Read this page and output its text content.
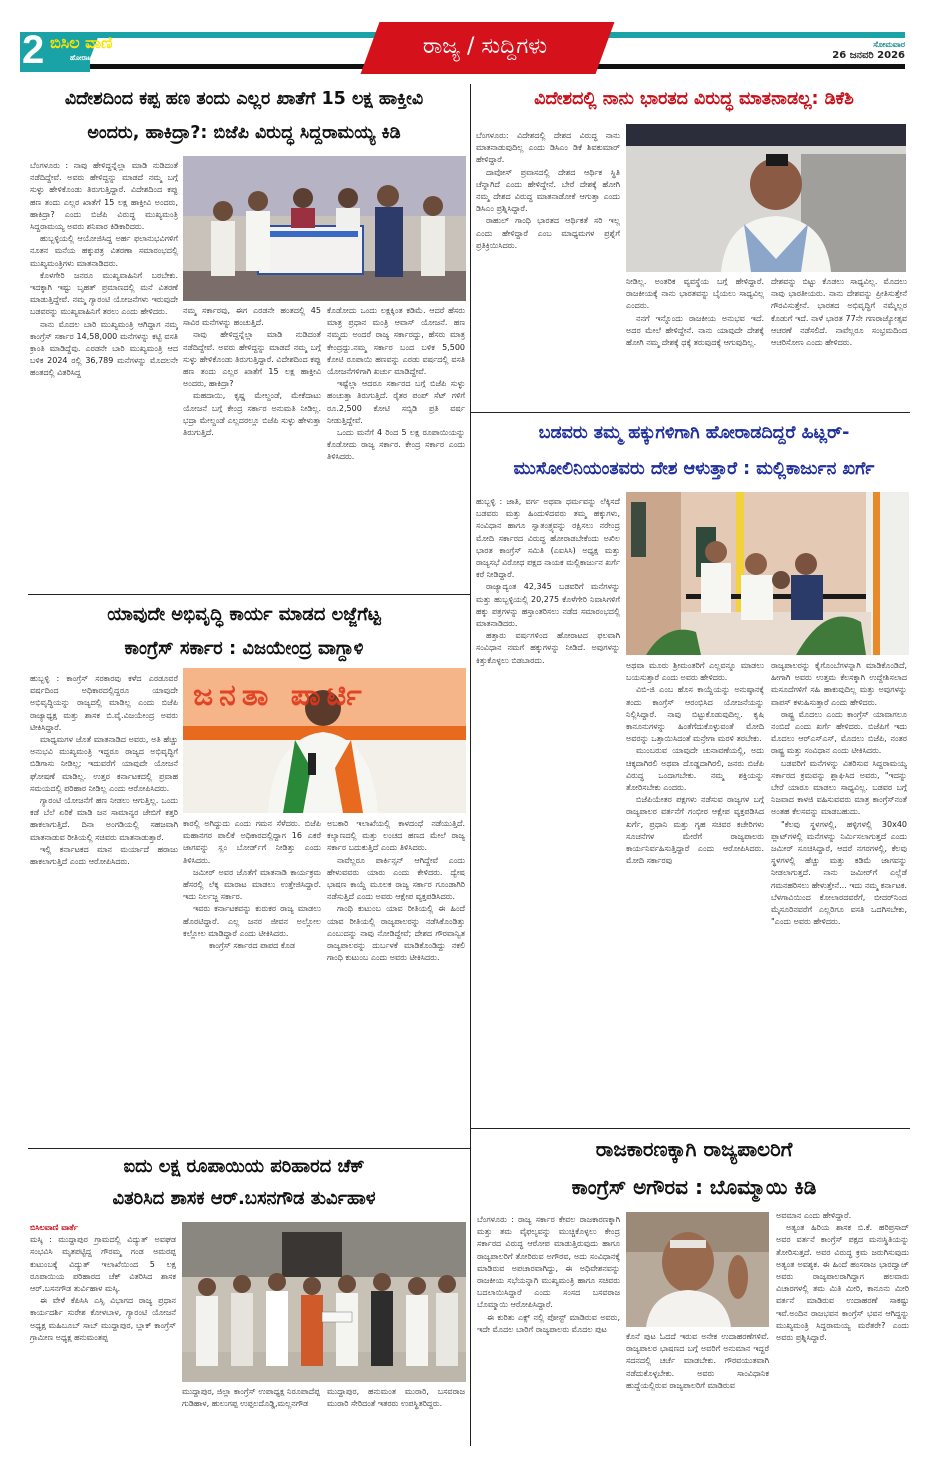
2 ಬಿಸಿಲ ವಾಣಿ
ಹೋರಾಟದ ಧ್ವನಿ	ರಾಜ್ಯ / ಸುದ್ದಿಗಳು	ಸೋಮವಾರ
26 ಜನವರಿ 2026
ವಿದೇಶದಿಂದ ಕಪ್ಪ ಹಣ ತಂದು ಎಲ್ಲರ ಖಾತೆಗೆ 15 ಲಕ್ಷ ಹಾಕ್ತೀವಿ
ಅಂದರು, ಹಾಕಿದ್ರಾ?: ಬಿಜೆಪಿ ವಿರುದ್ಧ ಸಿದ್ದರಾಮಯ್ಯ ಕಿಡಿ

ಬೆಂಗಳೂರು : ನಾವು ಹೇಳಿದ್ದನ್ನೆಲ್ಲಾ ಮಾಡಿ ನುಡಿದಂತೆ ನಡೆದಿದ್ದೇವೆ. ಅವರು ಹೇಳಿದ್ದನ್ನು ಮಾಡದೆ ನಮ್ಮ ಬಗ್ಗೆ ಸುಳ್ಳು ಹೇಳಿಕೊಂಡು ತಿರುಗುತ್ತಿದ್ದಾರೆ. ವಿದೇಶದಿಂದ ಕಪ್ಪು ಹಣ ತಂದು ಎಲ್ಲರ ಖಾತೆಗೆ 15 ಲಕ್ಷ ಹಾಕ್ತೀವಿ ಅಂದರು, ಹಾಕಿದ್ರಾ? ಎಂದು ಬಿಜೆಪಿ ವಿರುದ್ಧ ಮುಖ್ಯಮಂತ್ರಿ ಸಿದ್ದರಾಮಯ್ಯ ಅವರು ಶನಿವಾರ ಕಿಡಿಕಾರಿದರು.

ಹುಬ್ಬಳ್ಳಿಯಲ್ಲಿ ಆಯೋಜಿಸಿದ್ದ ಅರ್ಹ ಫಲಾನುಭವಿಗಳಿಗೆ ನೂತನ ಮನೆಯ ಹಕ್ಕುಪತ್ರ ವಿತರಣಾ ಸಮಾರಂಭದಲ್ಲಿ ಮುಖ್ಯಮಂತ್ರಿಗಳು ಮಾತನಾಡಿದರು.

ಕೊಳಗೇರಿ ಜನರೂ ಮುಖ್ಯವಾಹಿನಿಗೆ ಬರಬೇಕು. ಇದಕ್ಕಾಗಿ ಇಷ್ಟು ಬೃಹತ್ ಪ್ರಮಾಣದಲ್ಲಿ ಮನೆ ವಿತರಣೆ ಮಾಡುತ್ತಿದ್ದೇವೆ. ನಮ್ಮ ಗ್ಯಾರಂಟಿ ಯೋಜನೆಗಳು ಇರುವುದೇ ಬಡವರನ್ನು ಮುಖ್ಯವಾಹಿನಿಗೆ ತರಲು ಎಂದು ಹೇಳಿದರು.

ನಾನು ಮೊದಲ ಬಾರಿ ಮುಖ್ಯಮಂತ್ರಿ ಆಗಿದ್ದಾಗ ನಮ್ಮ ಕಾಂಗ್ರೆಸ್ ಸರ್ಕಾರ 14,58,000 ಮನೆಗಳನ್ನು ಕಟ್ಟಿ ವಸತಿ ಕ್ರಾಂತಿ ಮಾಡಿದ್ದೆವು. ಎರಡನೇ ಬಾರಿ ಮುಖ್ಯಮಂತ್ರಿ ಆದ ಬಳಿಕ 2024 ರಲ್ಲಿ 36,789 ಮನೆಗಳನ್ನು ಮೊದಲನೇ ಹಂತದಲ್ಲಿ ವಿತರಿಸಿದ್ದ

ನಮ್ಮ ಸರ್ಕಾರವು, ಈಗ ಎರಡನೇ ಹಂತದಲ್ಲಿ 45 ಸಾವಿರ ಮನೆಗಳನ್ನು ಹಂಚುತ್ತಿದೆ.

ನಾವು ಹೇಳಿದ್ದನ್ನೆಲ್ಲಾ ಮಾಡಿ ನುಡಿದಂತೆ ನಡೆದಿದ್ದೇವೆ. ಅವರು ಹೇಳಿದ್ದನ್ನು ಮಾಡದೆ ನಮ್ಮ ಬಗ್ಗೆ ಸುಳ್ಳು ಹೇಳಿಕೊಂಡು ತಿರುಗುತ್ತಿದ್ದಾರೆ. ವಿದೇಶದಿಂದ ಕಪ್ಪು ಹಣ ತಂದು ಎಲ್ಲರ ಖಾತೆಗೆ 15 ಲಕ್ಷ ಹಾಕ್ತೀವಿ ಅಂದರು, ಹಾಕಿದ್ರಾ?

ಮಹದಾಯಿ, ಕೃಷ್ಣ ಮೇಲ್ದಂಡೆ, ಮೇಕೆದಾಟು ಯೋಜನೆ ಬಗ್ಗೆ ಕೇಂದ್ರ ಸರ್ಕಾರ ಅನುಮತಿ ನೀಡಿಲ್ಲ. ಭದ್ರಾ ಮೇಲ್ದಂಡೆ ಎಲ್ಲದರಲ್ಲೂ ಬಿಜೆಪಿ ಸುಳ್ಳು ಹೇಳುತ್ತಾ ತಿರುಗುತ್ತಿದೆ.

ಕೊಡೋದು ಒಂದು ಲಕ್ಷಕ್ಕಿಂತ ಕಡಿಮೆ. ಆದರೆ ಹೆಸರು ಮಾತ್ರ ಪ್ರಧಾನ ಮಂತ್ರಿ ಆವಾಸ್ ಯೋಜನೆ. ಹಣ ನಮ್ಮದು ಅಂದರೆ ರಾಜ್ಯ ಸರ್ಕಾರದ್ದು, ಹೆಸರು ಮಾತ್ರ ಕೇಂದ್ರದ್ದು.ನಮ್ಮ ಸರ್ಕಾರ ಬಂದ ಬಳಿಕ 5,500 ಕೋಟಿ ರೂಪಾಯಿ ಹಣವನ್ನು ಎರಡು ವರ್ಷದಲ್ಲಿ ವಸತಿ ಯೋಜನೆಗಳಿಗಾಗಿ ಖರ್ಚು ಮಾಡಿದ್ದೇವೆ.

ಇಷ್ಟೆಲ್ಲಾ ಆದರೂ ಸರ್ಕಾರದ ಬಗ್ಗೆ ಬಿಜೆಪಿ ಸುಳ್ಳು ಹಂಚುತ್ತಾ ತಿರುಗುತ್ತಿದೆ. ರೈತರ ಪಂಪ್ ಸೆಟ್ ಗಳಿಗೆ ರೂ.2,500 ಕೋಟಿ ಸಬ್ಸಿಡಿ ಪ್ರತಿ ವರ್ಷ ನೀಡುತ್ತಿದ್ದೇವೆ.

ಒಂದು ಮನೆಗೆ 4 ರಿಂದ 5 ಲಕ್ಷ ರೂಪಾಯಿಯನ್ನು ಕೊಡೋದು ರಾಜ್ಯ ಸರ್ಕಾರ. ಕೇಂದ್ರ ಸರ್ಕಾರ ಎಂದು ತಿಳಿಸಿದರು.

ವಿದೇಶದಲ್ಲಿ ನಾನು ಭಾರತದ ವಿರುದ್ಧ ಮಾತನಾಡಲ್ಲ: ಡಿಕೆಶಿ

ಬೆಂಗಳೂರು: ವಿದೇಶದಲ್ಲಿ ದೇಶದ ವಿರುದ್ಧ ನಾನು ಮಾತನಾಡುವುದಿಲ್ಲ ಎಂದು ಡಿಸಿಎಂ ಡಿಕೆ ಶಿವಕುಮಾರ್ ಹೇಳಿದ್ದಾರೆ.

ದಾವೋಸ್ ಪ್ರವಾಸದಲ್ಲಿ ದೇಶದ ಆರ್ಥಿಕ ಸ್ಥಿತಿ ಚೆನ್ನಾಗಿದೆ ಎಂದು ಹೇಳಿದ್ದೇನೆ. ಬೇರೆ ದೇಶಕ್ಕೆ ಹೋಗಿ ನಮ್ಮ ದೇಶದ ವಿರುದ್ಧ ಮಾತನಾಡೋಕೆ ಆಗುತ್ತಾ ಎಂದು ಡಿಸಿಎಂ ಪ್ರಶ್ನಿಸಿದ್ದಾರೆ.

ರಾಹುಲ್ ಗಾಂಧಿ ಭಾರತದ ಆರ್ಥಿಕತೆ ಸರಿ ಇಲ್ಲ ಎಂದು ಹೇಳಿದ್ದಾರೆ ಎಂಬ ಮಾಧ್ಯಮಗಳ ಪ್ರಶ್ನೆಗೆ ಪ್ರತಿಕ್ರಿಯಿಸಿದರು.

ನೀಡಿಲ್ಲ. ಅಂತರಿಕ ವ್ಯವಸ್ಥೆಯ ಬಗ್ಗೆ ಹೇಳಿದ್ದಾರೆ. ರಾಜಕೀಯಕ್ಕೆ ನಾನು ಭಾರತವನ್ನು ಬೈಯಲು ಸಾಧ್ಯವಿಲ್ಲ ಎಂದರು.

ನನಗೆ ಇನ್ನೊಂದು ರಾಜಕೀಯ ಅನುಭವ ಇದೆ. ಅದರ ಮೇಲೆ ಹೇಳಿದ್ದೇನೆ. ನಾನು ಯಾವುದೇ ದೇಶಕ್ಕೆ ಹೋಗಿ ನಮ್ಮ ದೇಶಕ್ಕೆ ಧಕ್ಕೆ ತರುವುದಕ್ಕೆ ಆಗುವುದಿಲ್ಲ.

ದೇಶವನ್ನು ಬಿಟ್ಟು ಕೊಡಲು ಸಾಧ್ಯವಿಲ್ಲ. ಮೊದಲು ನಾವು ಭಾರತೀಯರು. ನಾನು ದೇಶವನ್ನು ಪ್ರೀತಿಸುತ್ತೇನೆ ಗೌರವಿಸುತ್ತೇನೆ. ಭಾರತದ ಅಭಿವೃದ್ಧಿಗೆ ನಮ್ಮೆಲ್ಲರ ಕೊಡುಗೆ ಇದೆ. ನಾಳೆ ಭಾರತ 77ನೇ ಗಣರಾಜ್ಯೋತ್ಸವ ಆಚರಣೆ ನಡೆಸಲಿದೆ. ನಾವೆಲ್ಲರೂ ಸಂಭ್ರಮದಿಂದ ಆಚರಿಸೋಣ ಎಂದು ಹೇಳಿದರು.

ಬಡವರು ತಮ್ಮ ಹಕ್ಕುಗಳಿಗಾಗಿ ಹೋರಾಡದಿದ್ದರೆ ಹಿಟ್ಲರ್-
ಮುಸೋಲಿನಿಯಂತವರು ದೇಶ ಆಳುತ್ತಾರೆ : ಮಲ್ಲಿಕಾರ್ಜುನ ಖರ್ಗೆ

ಹುಬ್ಬಳ್ಳಿ : ಜಾತಿ, ವರ್ಗ ಅಥವಾ ಧರ್ಮವನ್ನು ಲೆಕ್ಕಿಸದೆ ಬಡವರು ಮತ್ತು ಹಿಂದುಳಿದವರು ತಮ್ಮ ಹಕ್ಕುಗಳು, ಸಂವಿಧಾನ ಹಾಗೂ ಸ್ವಾತಂತ್ರ್ಯವನ್ನು ರಕ್ಷಿಸಲು ನರೇಂದ್ರ ಮೋದಿ ಸರ್ಕಾರದ ವಿರುದ್ಧ ಹೋರಾಡಬೇಕೆಂದು ಅಖಿಲ ಭಾರತ ಕಾಂಗ್ರೆಸ್ ಸಮಿತಿ (ಎಐಸಿಸಿ) ಅಧ್ಯಕ್ಷ ಮತ್ತು ರಾಜ್ಯಸಭೆ ವಿರೋಧ ಪಕ್ಷದ ನಾಯಕ ಮಲ್ಲಿಕಾರ್ಜುನ ಖರ್ಗೆ ಕರೆ ನೀಡಿದ್ದಾರೆ.

ರಾಜ್ಯಾದ್ಯಂತ 42,345 ಬಡವರಿಗೆ ಮನೆಗಳನ್ನು ಮತ್ತು ಹುಬ್ಬಳ್ಳಿಯಲ್ಲಿ 20,275 ಕೊಳೆಗೇರಿ ನಿವಾಸಿಗಳಿಗೆ ಹಕ್ಕು ಪತ್ರಗಳನ್ನು ಹಸ್ತಾಂತರಿಸಲು ನಡೆದ ಸಮಾರಂಭದಲ್ಲಿ ಮಾತನಾಡಿದರು.

ಹತ್ತಾರು ವರ್ಷಗಳಿಂದ ಹೋರಾಟದ ಫಲವಾಗಿ ಸಂವಿಧಾನ ನಮಗೆ ಹಕ್ಕುಗಳನ್ನು ನೀಡಿದೆ. ಅವುಗಳನ್ನು ಕಿತ್ತುಕೊಳ್ಳಲು ಬಿಡಬಾರದು.

ಅಥವಾ ಮೂರು ಶ್ರೀಮಂತರಿಗೆ ಎಲ್ಲವನ್ನೂ ಮಾಡಲು ಬಯಸುತ್ತಾರೆ ಎಂದು ಅವರು ಹೇಳಿದರು.

ವಿಬಿ-ಜಿ ಎಂಬ ಹೊಸ ಕಾಯ್ದೆಯನ್ನು ಅನುಷ್ಠಾನಕ್ಕೆ ತಂದು ಕಾಂಗ್ರೆಸ್ ಆರಂಭಿಸಿದ ಯೋಜನೆಯನ್ನು ನಿಲ್ಲಿಸಿದ್ದಾರೆ. ನಾವು ಬಿಟ್ಟುಕೊಡುವುದಿಲ್ಲ. ಕೃಷಿ ಕಾನೂನುಗಳನ್ನು ಹಿಂತೆಗೆದುಕೊಳ್ಳುವಂತೆ ಮೋದಿ ಅವರನ್ನು ಒತ್ತಾಯಿಸಿದಂತೆ ಮನ್ರೇಗಾ ಮರಳಿ ತರಬೇಕು.

ಮುಂಬರುವ ಯಾವುದೇ ಚುನಾವಣೆಯಲ್ಲಿ, ಅದು ಚಿಕ್ಕದಾಗಿರಲಿ ಅಥವಾ ದೊಡ್ಡದಾಗಿರಲಿ, ಜನರು ಬಿಜೆಪಿ ವಿರುದ್ಧ ಒಂದಾಗಬೇಕು. ನಮ್ಮ ಶಕ್ತಿಯನ್ನು ತೋರಿಸಬೇಕು ಎಂದರು.

ಬಿಜೆಪಿಯೇತರ ಪಕ್ಷಗಳು ನಡೆಸುವ ರಾಜ್ಯಗಳ ಬಗ್ಗೆ ರಾಜ್ಯಪಾಲರ ವರ್ತನೆಗೆ ಗಂಭೀರ ಆಕ್ಷೇಪ ವ್ಯಕ್ತಪಡಿಸಿದ ಖರ್ಗೆ, ಪ್ರಧಾನಿ ಮತ್ತು ಗೃಹ ಸಚಿವರ ಕಚೇರಿಗಳು ಸೂಚನೆಗಳ ಮೇರೆಗೆ ರಾಜ್ಯಪಾಲರು ಕಾರ್ಯನಿರ್ವಹಿಸುತ್ತಿದ್ದಾರೆ ಎಂದು ಆರೋಪಿಸಿದರು. ಮೋದಿ ಸರ್ಕಾರವು

ರಾಜ್ಯಪಾಲರನ್ನು ಕೈಗೊಂಬೆಗಳನ್ನಾಗಿ ಮಾಡಿಕೊಂಡಿದೆ, ಹೀಗಾಗಿ ಅವರು ಉತ್ತಮ ಕೆಲಸಕ್ಕಾಗಿ ಉದ್ದೇಶಿಸಲಾದ ಮಸೂದೆಗಳಿಗೆ ಸಹಿ ಹಾಕುವುದಿಲ್ಲ ಮತ್ತು ಅವುಗಳನ್ನು ವಾಪಸ್ ಕಳುಹಿಸುತ್ತಾರೆ ಎಂದು ಹೇಳಿದರು.

ರಾಷ್ಟ್ರ ಮೊದಲು ಎಂದು ಕಾಂಗ್ರೆಸ್ ಯಾವಾಗಲೂ ನಂಬಿದೆ ಎಂದು ಖರ್ಗೆ ಹೇಳಿದರು. ಬಿಜೆಪಿಗೆ ಇದು ಮೊದಲು ಆರ್‌ಎಸ್‌ಎಸ್, ಮೊದಲು ಬಿಜೆಪಿ, ನಂತರ ರಾಷ್ಟ್ರ ಮತ್ತು ಸಂವಿಧಾನ ಎಂದು ಟೀಕಿಸಿದರು.

ಬಡವರಿಗೆ ಮನೆಗಳನ್ನು ವಿತರಿಸುವ ಸಿದ್ದರಾಮಯ್ಯ ಸರ್ಕಾರದ ಕ್ರಮವನ್ನು ಶ್ಲಾಘಿಸಿದ ಅವರು, "ಇದನ್ನು ಬೇರೆ ಯಾರೂ ಮಾಡಲು ಸಾಧ್ಯವಿಲ್ಲ. ಬಡವರ ಬಗ್ಗೆ ನಿಜವಾದ ಕಾಳಜಿ ವಹಿಸುವವರು ಮಾತ್ರ ಕಾಂಗ್ರೆಸ್‌ನಂತೆ ಅಂತಹ ಕೆಲಸವನ್ನು ಮಾಡಬಹುದು.

"ಕೆಲವು ಸ್ಥಳಗಳಲ್ಲಿ, ಹಳ್ಳಿಗಳಲ್ಲಿ 30x40 ಪ್ಲಾಟ್‌ಗಳಲ್ಲಿ ಮನೆಗಳನ್ನು ನಿರ್ಮಿಸಲಾಗುತ್ತದೆ ಎಂದು ಜಮೀರ್ ಸೂಚಿಸಿದ್ದಾರೆ, ಆದರೆ ನಗರಗಳಲ್ಲಿ, ಕೆಲವು ಸ್ಥಳಗಳಲ್ಲಿ ಹೆಚ್ಚು ಮತ್ತು ಕಡಿಮೆ ಜಾಗವನ್ನು ನೀಡಲಾಗುತ್ತದೆ. ನಾನು ಜಮೀರ್‌ಗೆ ಎಲ್ಲೆಡೆ ಗಮನಹರಿಸಲು ಹೇಳುತ್ತೇನೆ... ಇದು ನಮ್ಮ ಕರ್ನಾಟಕ. ಬೆಳಗಾವಿಯಿಂದ ಕೋಲಾರದವರೆಗೆ, ಬೀದರ್‌ನಿಂದ ಮೈಸೂರಿನವರೆಗೆ ಎಲ್ಲರಿಗೂ ವಸತಿ ಒದಗಿಸಬೇಕು, "ಎಂದು ಅವರು ಹೇಳಿದರು.

ಯಾವುದೇ ಅಭಿವೃದ್ಧಿ ಕಾರ್ಯ ಮಾಡದ ಲಜ್ಜೆಗೆಟ್ಟ
ಕಾಂಗ್ರೆಸ್ ಸರ್ಕಾರ : ವಿಜಯೇಂದ್ರ ವಾಗ್ದಾಳಿ

ಹುಬ್ಬಳ್ಳಿ : ಕಾಂಗ್ರೆಸ್ ಸರಕಾರವು ಕಳೆದ ಎರಡೂವರೆ ವರ್ಷದಿಂದ ಅಧಿಕಾರದಲ್ಲಿದ್ದರೂ ಯಾವುದೇ ಅಭಿವೃದ್ಧಿಯನ್ನು ರಾಜ್ಯದಲ್ಲಿ ಮಾಡಿಲ್ಲ ಎಂದು ಬಿಜೆಪಿ ರಾಜ್ಯಾಧ್ಯಕ್ಷ ಮತ್ತು ಶಾಸಕ ಬಿ.ವೈ.ವಿಜಯೇಂದ್ರ ಅವರು ಟೀಕಿಸಿದ್ದಾರೆ.

ಮಾಧ್ಯಮಗಳ ಜೊತೆ ಮಾತನಾಡಿದ ಅವರು, ಅತಿ ಹೆಚ್ಚು ಅನುಭವಿ ಮುಖ್ಯಮಂತ್ರಿ ಇದ್ದರೂ ರಾಜ್ಯದ ಅಭಿವೃದ್ಧಿಗೆ ಬಿಡಿಗಾಸು ನೀಡಿಲ್ಲ; ಇದುವರೆಗೆ ಯಾವುದೇ ಯೋಜನೆ ಘೋಷಣೆ ಮಾಡಿಲ್ಲ. ಉತ್ತರ ಕರ್ನಾಟಕದಲ್ಲಿ ಪ್ರವಾಹ ಸಮಯದಲ್ಲಿ ಪರಿಹಾರ ನೀಡಿಲ್ಲ ಎಂದು ಆರೋಪಿಸಿದರು.

ಗ್ಯಾರಂಟಿ ಯೋಜನೆಗೆ ಹಣ ನೀಡಲು ಆಗುತ್ತಿಲ್ಲ. ಒಂದು ಕಡೆ ಬೆಲೆ ಏರಿಕೆ ಮಾಡಿ ಜನ ಸಾಮಾನ್ಯರ ಜೇಬಿಗೆ ಕತ್ತರಿ ಹಾಕಲಾಗುತ್ತಿದೆ. ದಿನಾ ಅಂಗಡಿಯಲ್ಲಿ ಸಹಜವಾಗಿ ಮಾತನಾಡುವ ರೀತಿಯಲ್ಲಿ ಸಚಿವರು ಮಾತನಾಡುತ್ತಾರೆ.

ಇಲ್ಲಿ ಕರ್ನಾಟಕದ ಮಾನ ಮರ್ಯಾದೆ ಹರಾಜು ಹಾಕಲಾಗುತ್ತಿದೆ ಎಂದು ಆರೋಪಿಸಿದರು.

ಜನತಾ ಪಾರ್ಟಿ

ಕಾರಲ್ಲಿ ಅಗಿದ್ದುದು ಎಂದು ಗಮನ ಸೆಳೆದರು. ಬಿಜೆಪಿ ಮಹಾನಗರ ಪಾಲಿಕೆ ಅಧಿಕಾರದಲ್ಲಿದ್ದಾಗ 16 ಎಕರೆ ಜಾಗವನ್ನು ಸ್ಲಂ ಬೋರ್ಡ್‌ಗೆ ನೀಡಿತ್ತು ಎಂದು ತಿಳಿಸಿದರು.

ಜಮೀರ್ ಅವರ ಜೊತೆಗೆ ಮಾತನಾಡಿ ಕಾರ್ಯಕ್ರಮ ಹೆಸರಲ್ಲಿ ಲೆಕ್ಕ ಮಾರಾಟ ಮಾಡಲು ಉತ್ತೇಜಿಸಿದ್ದಾರೆ. ಇದು ನಿರ್ಲಜ್ಜ ಸರ್ಕಾರ.

ಇವರು ಕರ್ನಾಟಕವನ್ನು ಕುರುಕರ ರಾಜ್ಯ ಮಾಡಲು ಹೊರಟಿದ್ದಾರೆ. ಎಲ್ಲ ಜನರ ಜೀವನ ಅಲ್ಲೋಲ ಕಲ್ಲೋಲ ಮಾಡಿದ್ದಾರೆ ಎಂದು ಟೀಕಿಸಿದರು.

ಕಾಂಗ್ರೆಸ್ ಸರ್ಕಾರದ ಪಾಪದ ಕೊಡ

ಅಬಕಾರಿ ಇಲಾಖೆಯಲ್ಲಿ ಕಾಳದಂಧೆ ನಡೆಯುತ್ತಿದೆ. ಕಲ್ಯಾಣದಲ್ಲಿ ಮತ್ತು ಲಂಚದ ಹಣದ ಮೇಲೆ ರಾಜ್ಯ ಸರ್ಕಾರ ಬದುಕುತ್ತಿದೆ ಎಂದು ತಿಳಿಸಿದರು.

ನಾವೆಲ್ಲರೂ ಪಾರ್ಕಿನ್ಸನ್ ಆಗಿದ್ದೇವೆ ಎಂದು ಹೇಳುವವರು ಯಾರು ಎಂದು ಕೇಳಿದರು. ದ್ವೇಷ ಭಾಷಣ ಕಾಯ್ದೆ ಮೂಲಕ ರಾಜ್ಯ ಸರ್ಕಾರ ಗೂಂಡಾಗಿರಿ ನಡೆಸುತ್ತಿದೆ ಎಂದು ಅವರು ಆಕ್ಷೇಪ ವ್ಯಕ್ತಪಡಿಸಿದರು.

ಗಾಂಧಿ ಕುಟುಂಬ ಯಾವ ರೀತಿಯಲ್ಲಿ ಈ ಹಿಂದೆ ಯಾವ ರೀತಿಯಲ್ಲಿ ರಾಜ್ಯಪಾಲರನ್ನು ನಡೆಸಿಕೊಂಡಿತ್ತು ಎಂಬುದನ್ನು ನಾವು ನೋಡಿದ್ದೇವೆ; ದೇಶದ ಗೌರವಾನ್ವಿತ ರಾಜ್ಯಪಾಲರನ್ನು ದುರ್ಬಳಕೆ ಮಾಡಿಕೊಂಡಿದ್ದು ನಕಲಿ ಗಾಂಧಿ ಕುಟುಂಬ ಎಂದು ಅವರು ಟೀಕಿಸಿದರು.

ಐದು ಲಕ್ಷ ರೂಪಾಯಿಯ ಪರಿಹಾರದ ಚೆಕ್
ವಿತರಿಸಿದ ಶಾಸಕ ಆರ್.ಬಸನಗೌಡ ತುರ್ವಿಹಾಳ

ಬಿಸಿಲವಾಣಿ ವಾರ್ತೆ

ಮಸ್ಕಿ : ಮುದ್ದಾಪುರ ಗ್ರಾಮದಲ್ಲಿ ವಿದ್ಯುತ್ ಅವಘಡ ಸಂಭವಿಸಿ ಮೃತಪಟ್ಟಿದ್ದ ಗೌರಮ್ಮ ಗಂಡ ಅಮರಪ್ಪ ಕುಟುಂಬಕ್ಕೆ ವಿದ್ಯುತ್ ಇಲಾಖೆಯಿಂದ 5 ಲಕ್ಷ ರೂಪಾಯಿಯ ಪರಿಹಾರದ ಚೆಕ್ ವಿತರಿಸಿದ ಶಾಸಕ ಆರ್.ಬಸನಗೌಡ ತುರ್ವಿಹಾಳ ಮಸ್ಕಿ.

ಈ ವೇಳೆ ಕೆಪಿಸಿಸಿ ಎಸ್ಸಿ ವಿಭಾಗದ ರಾಜ್ಯ ಪ್ರಧಾನ ಕಾರ್ಯದರ್ಶಿ ಸುರೇಶ ಕೋಳಬಾಳ, ಗ್ಯಾರಂಟಿ ಯೋಜನೆ ಅಧ್ಯಕ್ಷ ಮಹಿಬೂಬ್ ಸಾಬ್ ಮುದ್ದಾಪುರ, ಬ್ಲಾಕ್ ಕಾಂಗ್ರೆಸ್ ಗ್ರಾಮೀಣ ಅಧ್ಯಕ್ಷ ಹನುಮಂತಪ್ಪ

ಮುದ್ದಾಪುರ, ಜಿಲ್ಲಾ ಕಾಂಗ್ರೆಸ್ ಉಪಾಧ್ಯಕ್ಷ ನಿರೂಪಾದೆಪ್ಪ ಗುಡಿಹಾಳ, ಹುಲುಗಪ್ಪ ಉಪ್ಪಲದೊಡ್ಡಿ,ಮಲ್ಲನಗೌಡ

ಮುದ್ದಾಪುರ, ಹನುಮಂತ ಮುರಾರಿ, ಬಸವರಾಜ ಮುರಾರಿ ಸೇರಿದಂತೆ ಇತರರು ಉಪಸ್ಥಿತರಿದ್ದರು.

ರಾಜಕಾರಣಕ್ಕಾಗಿ ರಾಜ್ಯಪಾಲರಿಗೆ
ಕಾಂಗ್ರೆಸ್ ಅಗೌರವ : ಬೊಮ್ಮಾಯಿ ಕಿಡಿ

ಬೆಂಗಳೂರು : ರಾಜ್ಯ ಸರ್ಕಾರ ಕೇವಲ ರಾಜಕಾರಣಕ್ಕಾಗಿ ಮತ್ತು ತಮ ವೈಫಲ್ಯವನ್ನು ಮುಚ್ಚಿಕೊಳ್ಳಲು ಕೇಂದ್ರ ಸರ್ಕಾರದ ವಿರುದ್ಧ ಆರೋಪ ಮಾಡುತ್ತಿರುವುದು ಹಾಗೂ ರಾಜ್ಯಪಾಲರಿಗೆ ತೋರಿರುವ ಅಗೌರವ, ಅದು ಸಂವಿಧಾನಕ್ಕೆ ಮಾಡಿರುವ ಅಪಚಾರವಾಗಿದ್ದು, ಈ ಅಧಿವೇಶನವನ್ನು ರಾಜಕೀಯ ಸಭೆಯನ್ನಾಗಿ ಮುಖ್ಯಮಂತ್ರಿ ಹಾಗೂ ಸಚಿವರು ಬದಲಾಯಿಸಿದ್ದಾರೆ ಎಂದು ಸಂಸದ ಬಸವರಾಜ ಬೊಮ್ಮಾಯಿ ಆರೋಪಿಸಿದ್ದಾರೆ.

ಈ ಕುರಿತು ಎಕ್ಸ್ ನಲ್ಲಿ ಪೋಸ್ಟ್ ಮಾಡಿರುವ ಅವರು, ಇದೇ ಮೊದಲ ಬಾರಿಗೆ ರಾಜ್ಯಪಾಲರು ಮೊದಲ ಪುಟ

ಕೊನೆ ಪುಟ ಓದದೆ ಇರುವ ಅನೇಕ ಉದಾಹರಣೆಗಳಿವೆ. ರಾಜ್ಯಪಾಲರ ಭಾಷಣದ ಬಗ್ಗೆ ಅವರಿಗೆ ಅನುಮಾನ ಇದ್ದರೆ ಸದನದಲ್ಲಿ ಚರ್ಚೆ ಮಾಡಬೇಕು. ಗೌರವಯುತವಾಗಿ ನಡೆದುಕೊಳ್ಳಬೇಕು. ಅವರು ಸಾಂವಿಧಾನಿಕ ಹುದ್ದೆಯಲ್ಲಿರುವ ರಾಜ್ಯಪಾಲರಿಗೆ ಮಾಡಿರುವ

ಅವಮಾನ ಎಂದು ಹೇಳಿದ್ದಾರೆ.

ಅತ್ಯಂತ ಹಿರಿಯ ಶಾಸಕ ಬಿ.ಕೆ. ಹರಿಪ್ರಸಾದ್ ಅವರ ವರ್ತನೆ ಕಾಂಗ್ರೆಸ್ ಪಕ್ಷದ ಮನಃಸ್ಥಿತಿಯನ್ನು ತೋರಿಸುತ್ತದೆ. ಅವರ ವಿರುದ್ಧ ಕ್ರಮ ಜರುಗಿಸುವುದು ಅತ್ಯಂತ ಅವಶ್ಯಕ. ಈ ಹಿಂದೆ ಹಂಸರಾಜ ಭಾರದ್ವಾಜ್ ಅವರು ರಾಜ್ಯಪಾಲರಾಗಿದ್ದಾಗ ಹಲವಾರು ವಿಚಾರಗಳಲ್ಲಿ ತಮ ಮಿತಿ ಮೀರಿ, ಕಾನೂನು ಮೀರಿ ವರ್ತನೆ ಮಾಡಿರುವ ಉದಾಹರಣೆ ಸಾಕಷ್ಟು ಇವೆ.ಅಂದಿನ ರಾಜಭವನ ಕಾಂಗ್ರೆಸ್ ಭವನ ಆಗಿದ್ದನ್ನು ಮುಖ್ಯಮಂತ್ರಿ ಸಿದ್ದರಾಮಯ್ಯ ಮರೆತರೇ? ಎಂದು ಅವರು ಪ್ರಶ್ನಿಸಿದ್ದಾರೆ.
